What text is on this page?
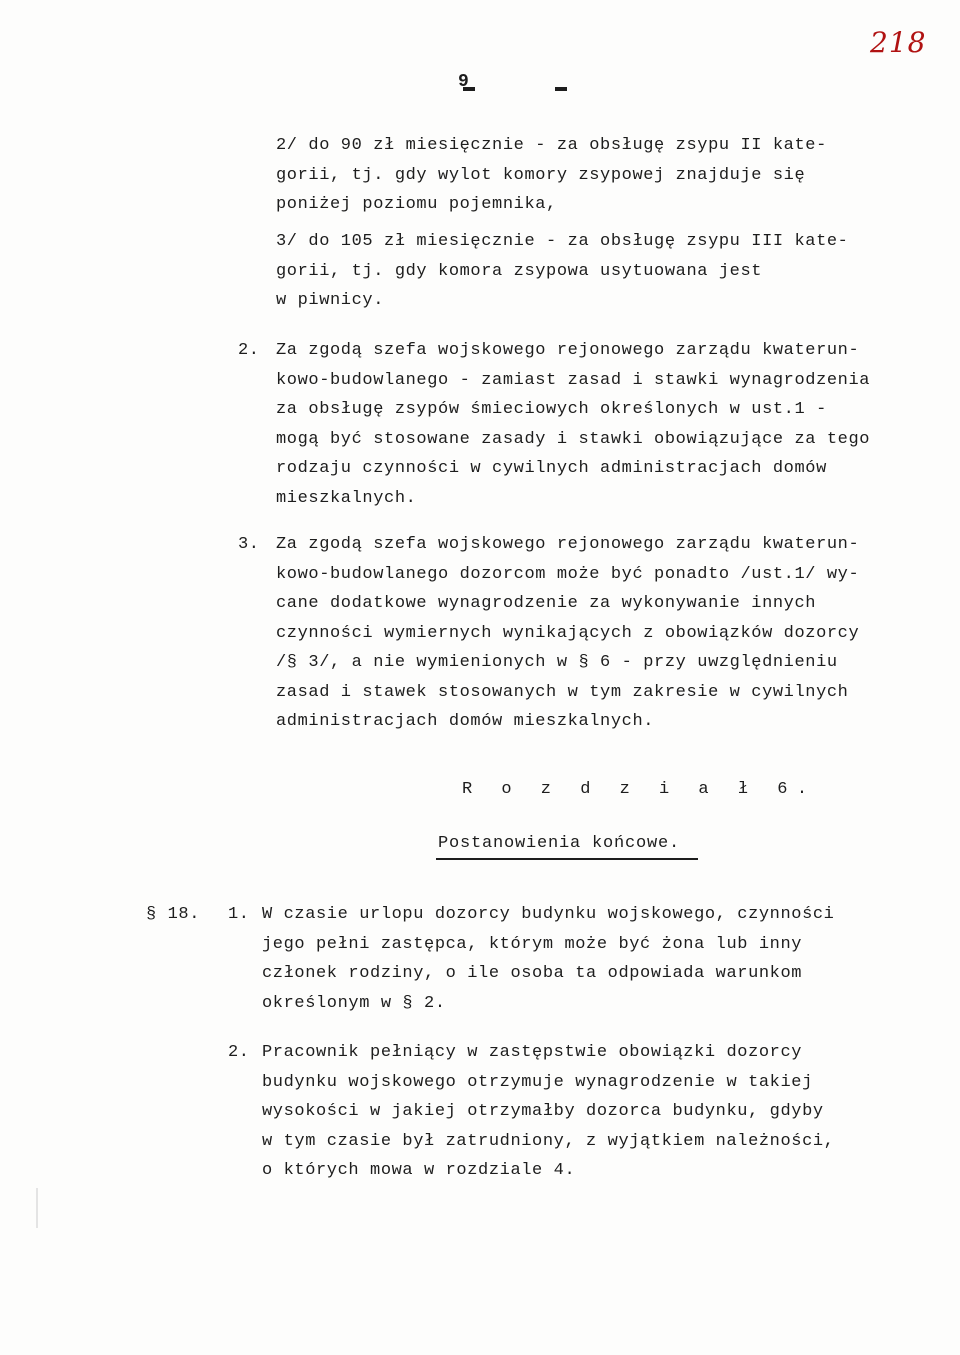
218
9
2/ do 90 zł miesięcznie - za obsługę zsypu II kate-
gorii, tj. gdy wylot komory zsypowej znajduje się
poniżej poziomu pojemnika,
3/ do 105 zł miesięcznie - za obsługę zsypu III kate-
gorii, tj. gdy komora zsypowa usytuowana jest
w piwnicy.
2. Za zgodą szefa wojskowego rejonowego zarządu kwaterun-
kowo-budowlanego - zamiast zasad i stawki wynagrodzenia
za obsługę zsypów śmieciowych określonych w ust.1 -
mogą być stosowane zasady i stawki obowiązujące za tego
rodzaju czynności w cywilnych administracjach domów
mieszkalnych.
3. Za zgodą szefa wojskowego rejonowego zarządu kwaterun-
kowo-budowlanego dozorcom może być ponadto /ust.1/ wy-
cane dodatkowe wynagrodzenie za wykonywanie innych
czynności wymiernych wynikających z obowiązków dozorcy
/§ 3/, a nie wymienionych w § 6 - przy uwzględnieniu
zasad i stawek stosowanych w tym zakresie w cywilnych
administracjach domów mieszkalnych.
R o z d z i a ł 6.
Postanowienia końcowe.
§ 18. 1. W czasie urlopu dozorcy budynku wojskowego, czynności
jego pełni zastępca, którym może być żona lub inny
członek rodziny, o ile osoba ta odpowiada warunkom
określonym w § 2.
2. Pracownik pełniący w zastępstwie obowiązki dozorcy
budynku wojskowego otrzymuje wynagrodzenie w takiej
wysokości w jakiej otrzymałby dozorca budynku, gdyby
w tym czasie był zatrudniony, z wyjątkiem należności,
o których mowa w rozdziale 4.
